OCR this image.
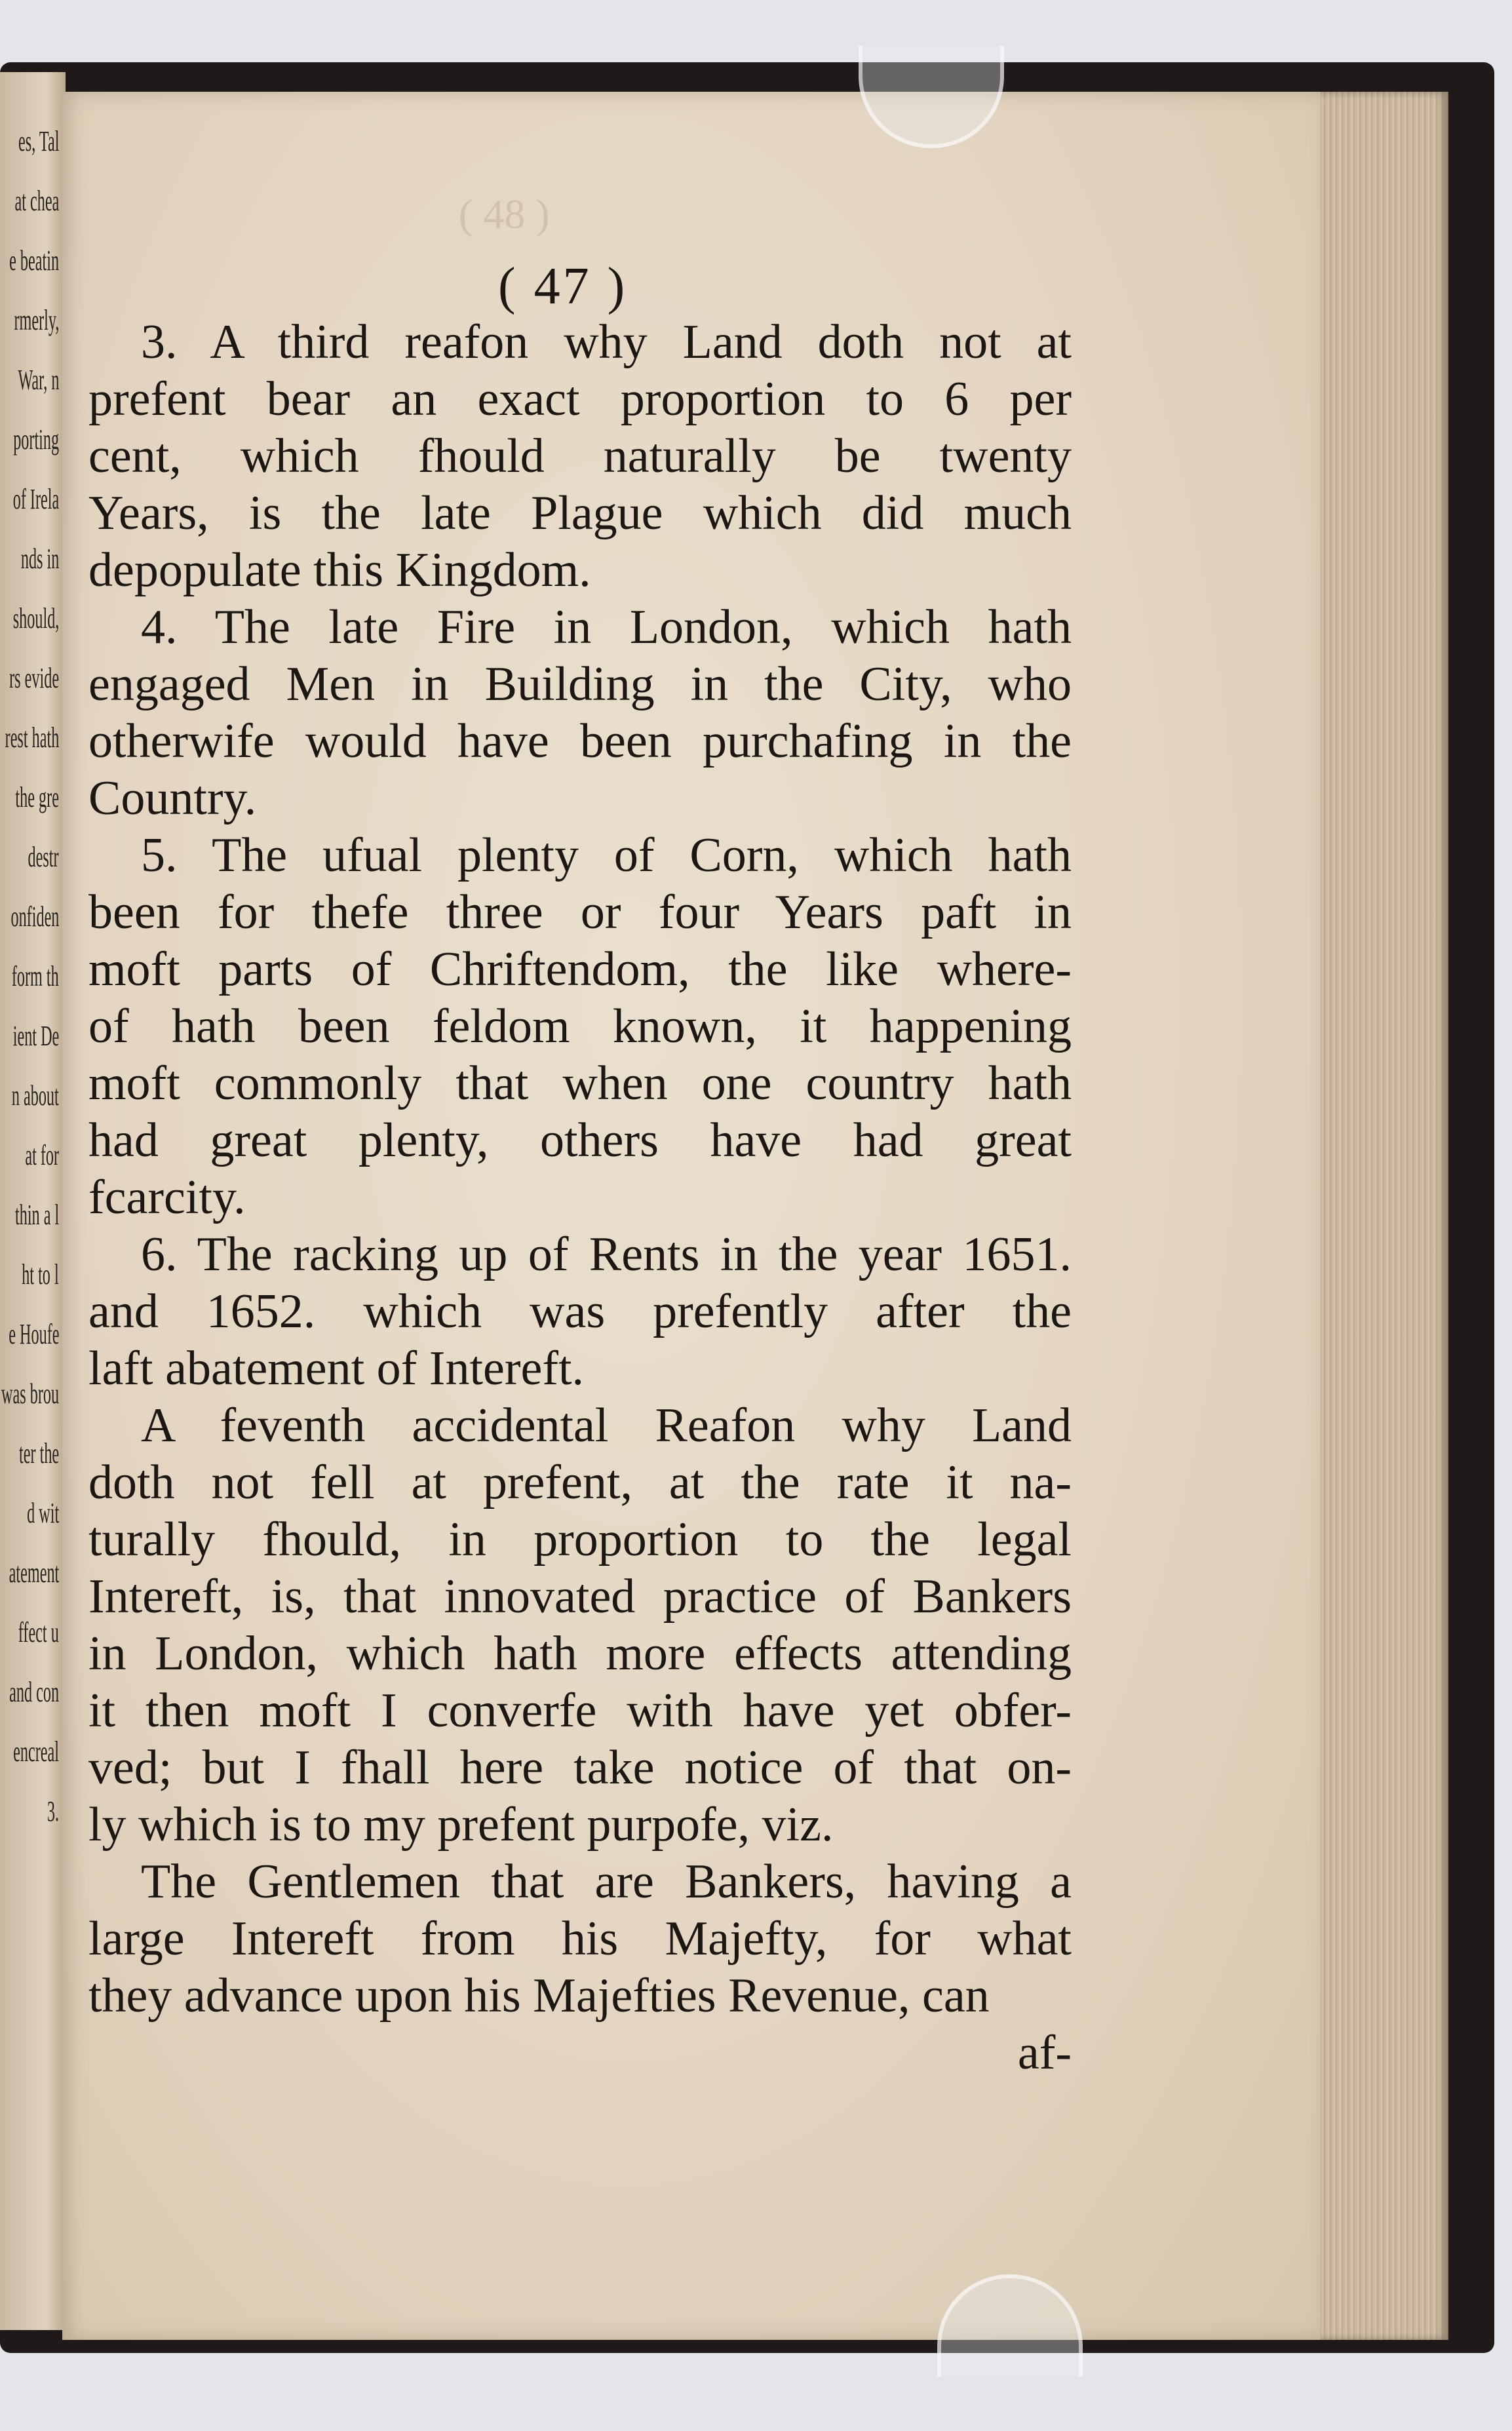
es, Tal
at chea
e beatin
rmerly,
War, n
porting
of Irela
nds in
should,
rs evide
rest hath
the gre
destr
onfiden
form th
ient De
n about
at for
thin a l
ht to l
e Houfe
was brou
ter the
d wit
atement
ffect u
and con
encreal
3.
( 48 )
( 47 )
3. A third reafon why Land doth not at
prefent bear an exact proportion to 6 per
cent, which fhould naturally be twenty
Years, is the late Plague which did much
depopulate this Kingdom.
4. The late Fire in London, which hath
engaged Men in Building in the City, who
otherwife would have been purchafing in the
Country.
5. The ufual plenty of Corn, which hath
been for thefe three or four Years paft in
moft parts of Chriftendom, the like where-
of hath been feldom known, it happening
moft commonly that when one country hath
had great plenty, others have had great
fcarcity.
6. The racking up of Rents in the year 1651.
and 1652. which was prefently after the
laft abatement of Intereft.
A feventh accidental Reafon why Land
doth not fell at prefent, at the rate it na-
turally fhould, in proportion to the legal
Intereft, is, that innovated practice of Bankers
in London, which hath more effects attending
it then moft I converfe with have yet obfer-
ved; but I fhall here take notice of that on-
ly which is to my prefent purpofe, viz.
The Gentlemen that are Bankers, having a
large Intereft from his Majefty, for what
they advance upon his Majefties Revenue, can
af-
